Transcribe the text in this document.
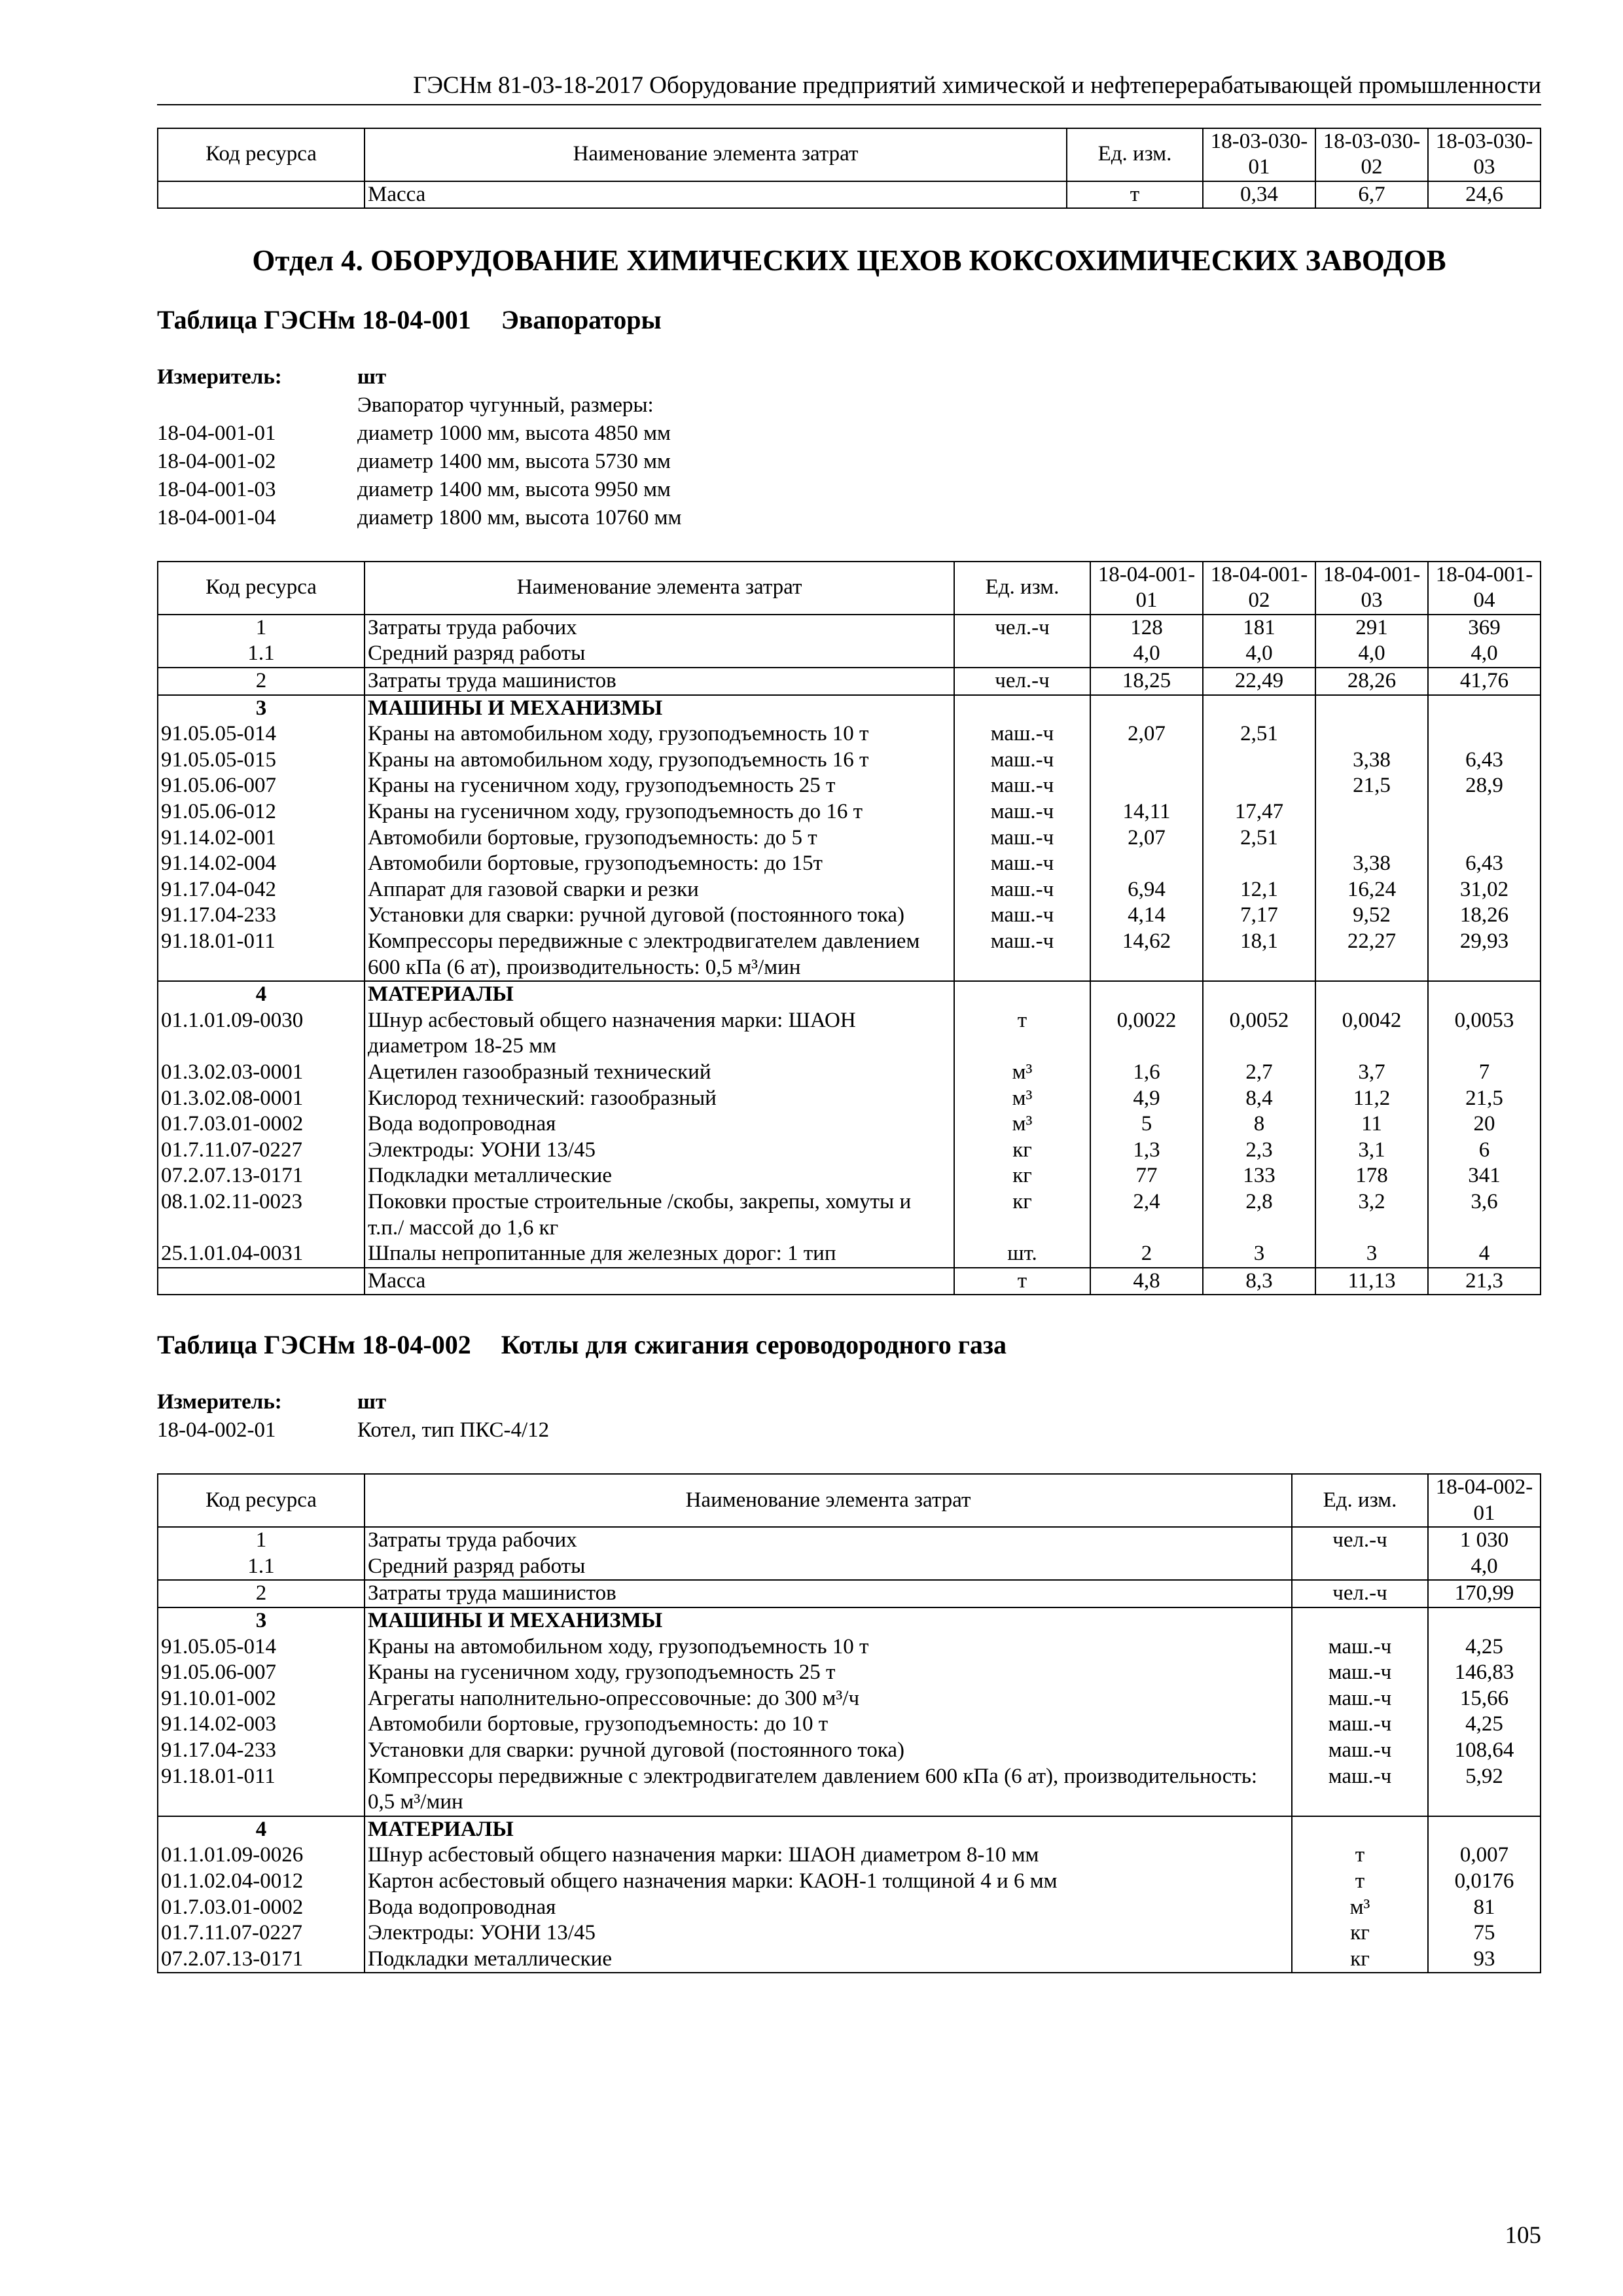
ГЭСНм 81-03-18-2017 Оборудование предприятий химической и нефтеперерабатывающей промышленности
Код ресурса	Наименование элемента затрат	Ед. изм.	18-03-030-01	18-03-030-02	18-03-030-03
	Масса	т	0,34	6,7	24,6
Отдел 4. ОБОРУДОВАНИЕ ХИМИЧЕСКИХ ЦЕХОВ КОКСОХИМИЧЕСКИХ ЗАВОДОВ
Таблица ГЭСНм 18-04-001 Эвапораторы
Измеритель:	шт
Эвапоратор чугунный, размеры:
18-04-001-01	диаметр 1000 мм, высота 4850 мм
18-04-001-02	диаметр 1400 мм, высота 5730 мм
18-04-001-03	диаметр 1400 мм, высота 9950 мм
18-04-001-04	диаметр 1800 мм, высота 10760 мм
Код ресурса	Наименование элемента затрат	Ед. изм.	18-04-001-01	18-04-001-02	18-04-001-03	18-04-001-04
1	Затраты труда рабочих	чел.-ч	128	181	291	369
1.1	Средний разряд работы		4,0	4,0	4,0	4,0
2	Затраты труда машинистов	чел.-ч	18,25	22,49	28,26	41,76
3	МАШИНЫ И МЕХАНИЗМЫ					
91.05.05-014	Краны на автомобильном ходу, грузоподъемность 10 т	маш.-ч	2,07	2,51		
91.05.05-015	Краны на автомобильном ходу, грузоподъемность 16 т	маш.-ч			3,38	6,43
91.05.06-007	Краны на гусеничном ходу, грузоподъемность 25 т	маш.-ч			21,5	28,9
91.05.06-012	Краны на гусеничном ходу, грузоподъемность до 16 т	маш.-ч	14,11	17,47		
91.14.02-001	Автомобили бортовые, грузоподъемность: до 5 т	маш.-ч	2,07	2,51		
91.14.02-004	Автомобили бортовые, грузоподъемность: до 15т	маш.-ч			3,38	6,43
91.17.04-042	Аппарат для газовой сварки и резки	маш.-ч	6,94	12,1	16,24	31,02
91.17.04-233	Установки для сварки: ручной дуговой (постоянного тока)	маш.-ч	4,14	7,17	9,52	18,26
91.18.01-011	Компрессоры передвижные с электродвигателем давлением 600 кПа (6 ат), производительность: 0,5 м³/мин	маш.-ч	14,62	18,1	22,27	29,93
4	МАТЕРИАЛЫ					
01.1.01.09-0030	Шнур асбестовый общего назначения марки: ШАОН диаметром 18-25 мм	т	0,0022	0,0052	0,0042	0,0053
01.3.02.03-0001	Ацетилен газообразный технический	м³	1,6	2,7	3,7	7
01.3.02.08-0001	Кислород технический: газообразный	м³	4,9	8,4	11,2	21,5
01.7.03.01-0002	Вода водопроводная	м³	5	8	11	20
01.7.11.07-0227	Электроды: УОНИ 13/45	кг	1,3	2,3	3,1	6
07.2.07.13-0171	Подкладки металлические	кг	77	133	178	341
08.1.02.11-0023	Поковки простые строительные /скобы, закрепы, хомуты и т.п./ массой до 1,6 кг	кг	2,4	2,8	3,2	3,6
25.1.01.04-0031	Шпалы непропитанные для железных дорог: 1 тип	шт.	2	3	3	4
	Масса	т	4,8	8,3	11,13	21,3
Таблица ГЭСНм 18-04-002 Котлы для сжигания сероводородного газа
Измеритель:	шт
18-04-002-01	Котел, тип ПКС-4/12
Код ресурса	Наименование элемента затрат	Ед. изм.	18-04-002-01
1	Затраты труда рабочих	чел.-ч	1 030
1.1	Средний разряд работы		4,0
2	Затраты труда машинистов	чел.-ч	170,99
3	МАШИНЫ И МЕХАНИЗМЫ		
91.05.05-014	Краны на автомобильном ходу, грузоподъемность 10 т	маш.-ч	4,25
91.05.06-007	Краны на гусеничном ходу, грузоподъемность 25 т	маш.-ч	146,83
91.10.01-002	Агрегаты наполнительно-опрессовочные: до 300 м³/ч	маш.-ч	15,66
91.14.02-003	Автомобили бортовые, грузоподъемность: до 10 т	маш.-ч	4,25
91.17.04-233	Установки для сварки: ручной дуговой (постоянного тока)	маш.-ч	108,64
91.18.01-011	Компрессоры передвижные с электродвигателем давлением 600 кПа (6 ат), производительность: 0,5 м³/мин	маш.-ч	5,92
4	МАТЕРИАЛЫ		
01.1.01.09-0026	Шнур асбестовый общего назначения марки: ШАОН диаметром 8-10 мм	т	0,007
01.1.02.04-0012	Картон асбестовый общего назначения марки: КАОН-1 толщиной 4 и 6 мм	т	0,0176
01.7.03.01-0002	Вода водопроводная	м³	81
01.7.11.07-0227	Электроды: УОНИ 13/45	кг	75
07.2.07.13-0171	Подкладки металлические	кг	93
105
